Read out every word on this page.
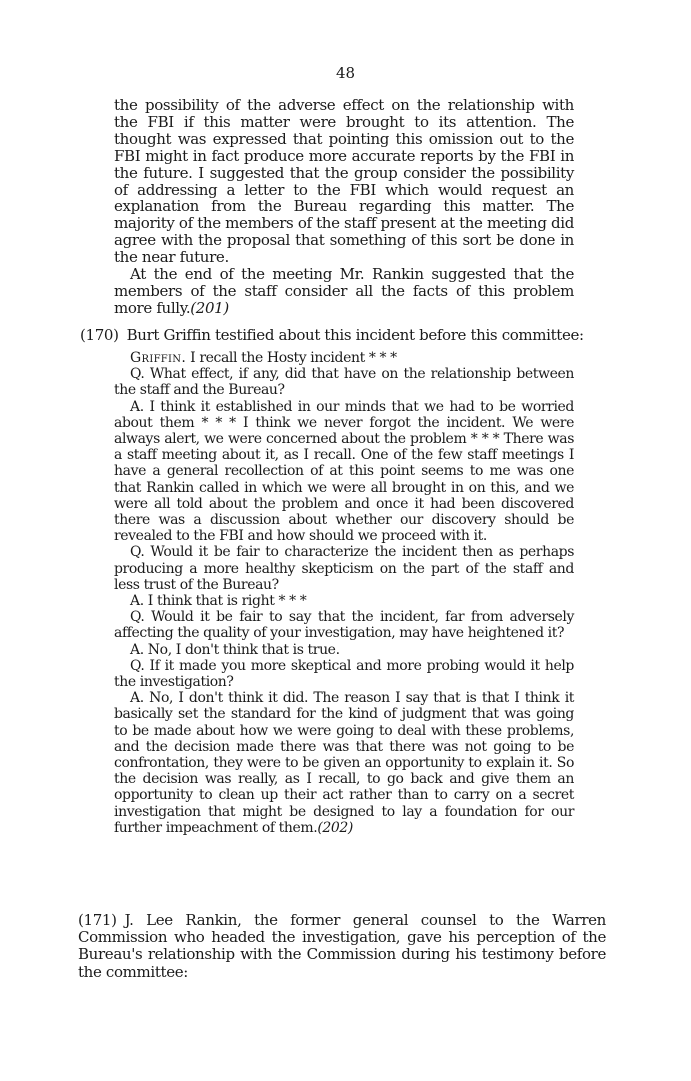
48

the possibility of the adverse effect on the relationship with the FBI if this matter were brought to its attention. The thought was expressed that pointing this omission out to the FBI might in fact produce more accurate reports by the FBI in the future. I suggested that the group consider the possibility of addressing a letter to the FBI which would request an explanation from the Bureau regarding this matter. The majority of the members of the staff present at the meeting did agree with the proposal that something of this sort be done in the near future.

At the end of the meeting Mr. Rankin suggested that the members of the staff consider all the facts of this problem more fully.(201)

(170) Burt Griffin testified about this incident before this committee:

Griffin. I recall the Hosty incident * * *

Q. What effect, if any, did that have on the relationship between the staff and the Bureau?

A. I think it established in our minds that we had to be worried about them * * * I think we never forgot the incident. We were always alert, we were concerned about the problem * * * There was a staff meeting about it, as I recall. One of the few staff meetings I have a general recollection of at this point seems to me was one that Rankin called in which we were all brought in on this, and we were all told about the problem and once it had been discovered there was a discussion about whether our discovery should be revealed to the FBI and how should we proceed with it.

Q. Would it be fair to characterize the incident then as perhaps producing a more healthy skepticism on the part of the staff and less trust of the Bureau?

A. I think that is right * * *

Q. Would it be fair to say that the incident, far from adversely affecting the quality of your investigation, may have heightened it?

A. No, I don't think that is true.

Q. If it made you more skeptical and more probing would it help the investigation?

A. No, I don't think it did. The reason I say that is that I think it basically set the standard for the kind of judgment that was going to be made about how we were going to deal with these problems, and the decision made there was that there was not going to be confrontation, they were to be given an opportunity to explain it. So the decision was really, as I recall, to go back and give them an opportunity to clean up their act rather than to carry on a secret investigation that might be designed to lay a foundation for our further impeachment of them.(202)

(171) J. Lee Rankin, the former general counsel to the Warren Commission who headed the investigation, gave his perception of the Bureau's relationship with the Commission during his testimony before the committee:
